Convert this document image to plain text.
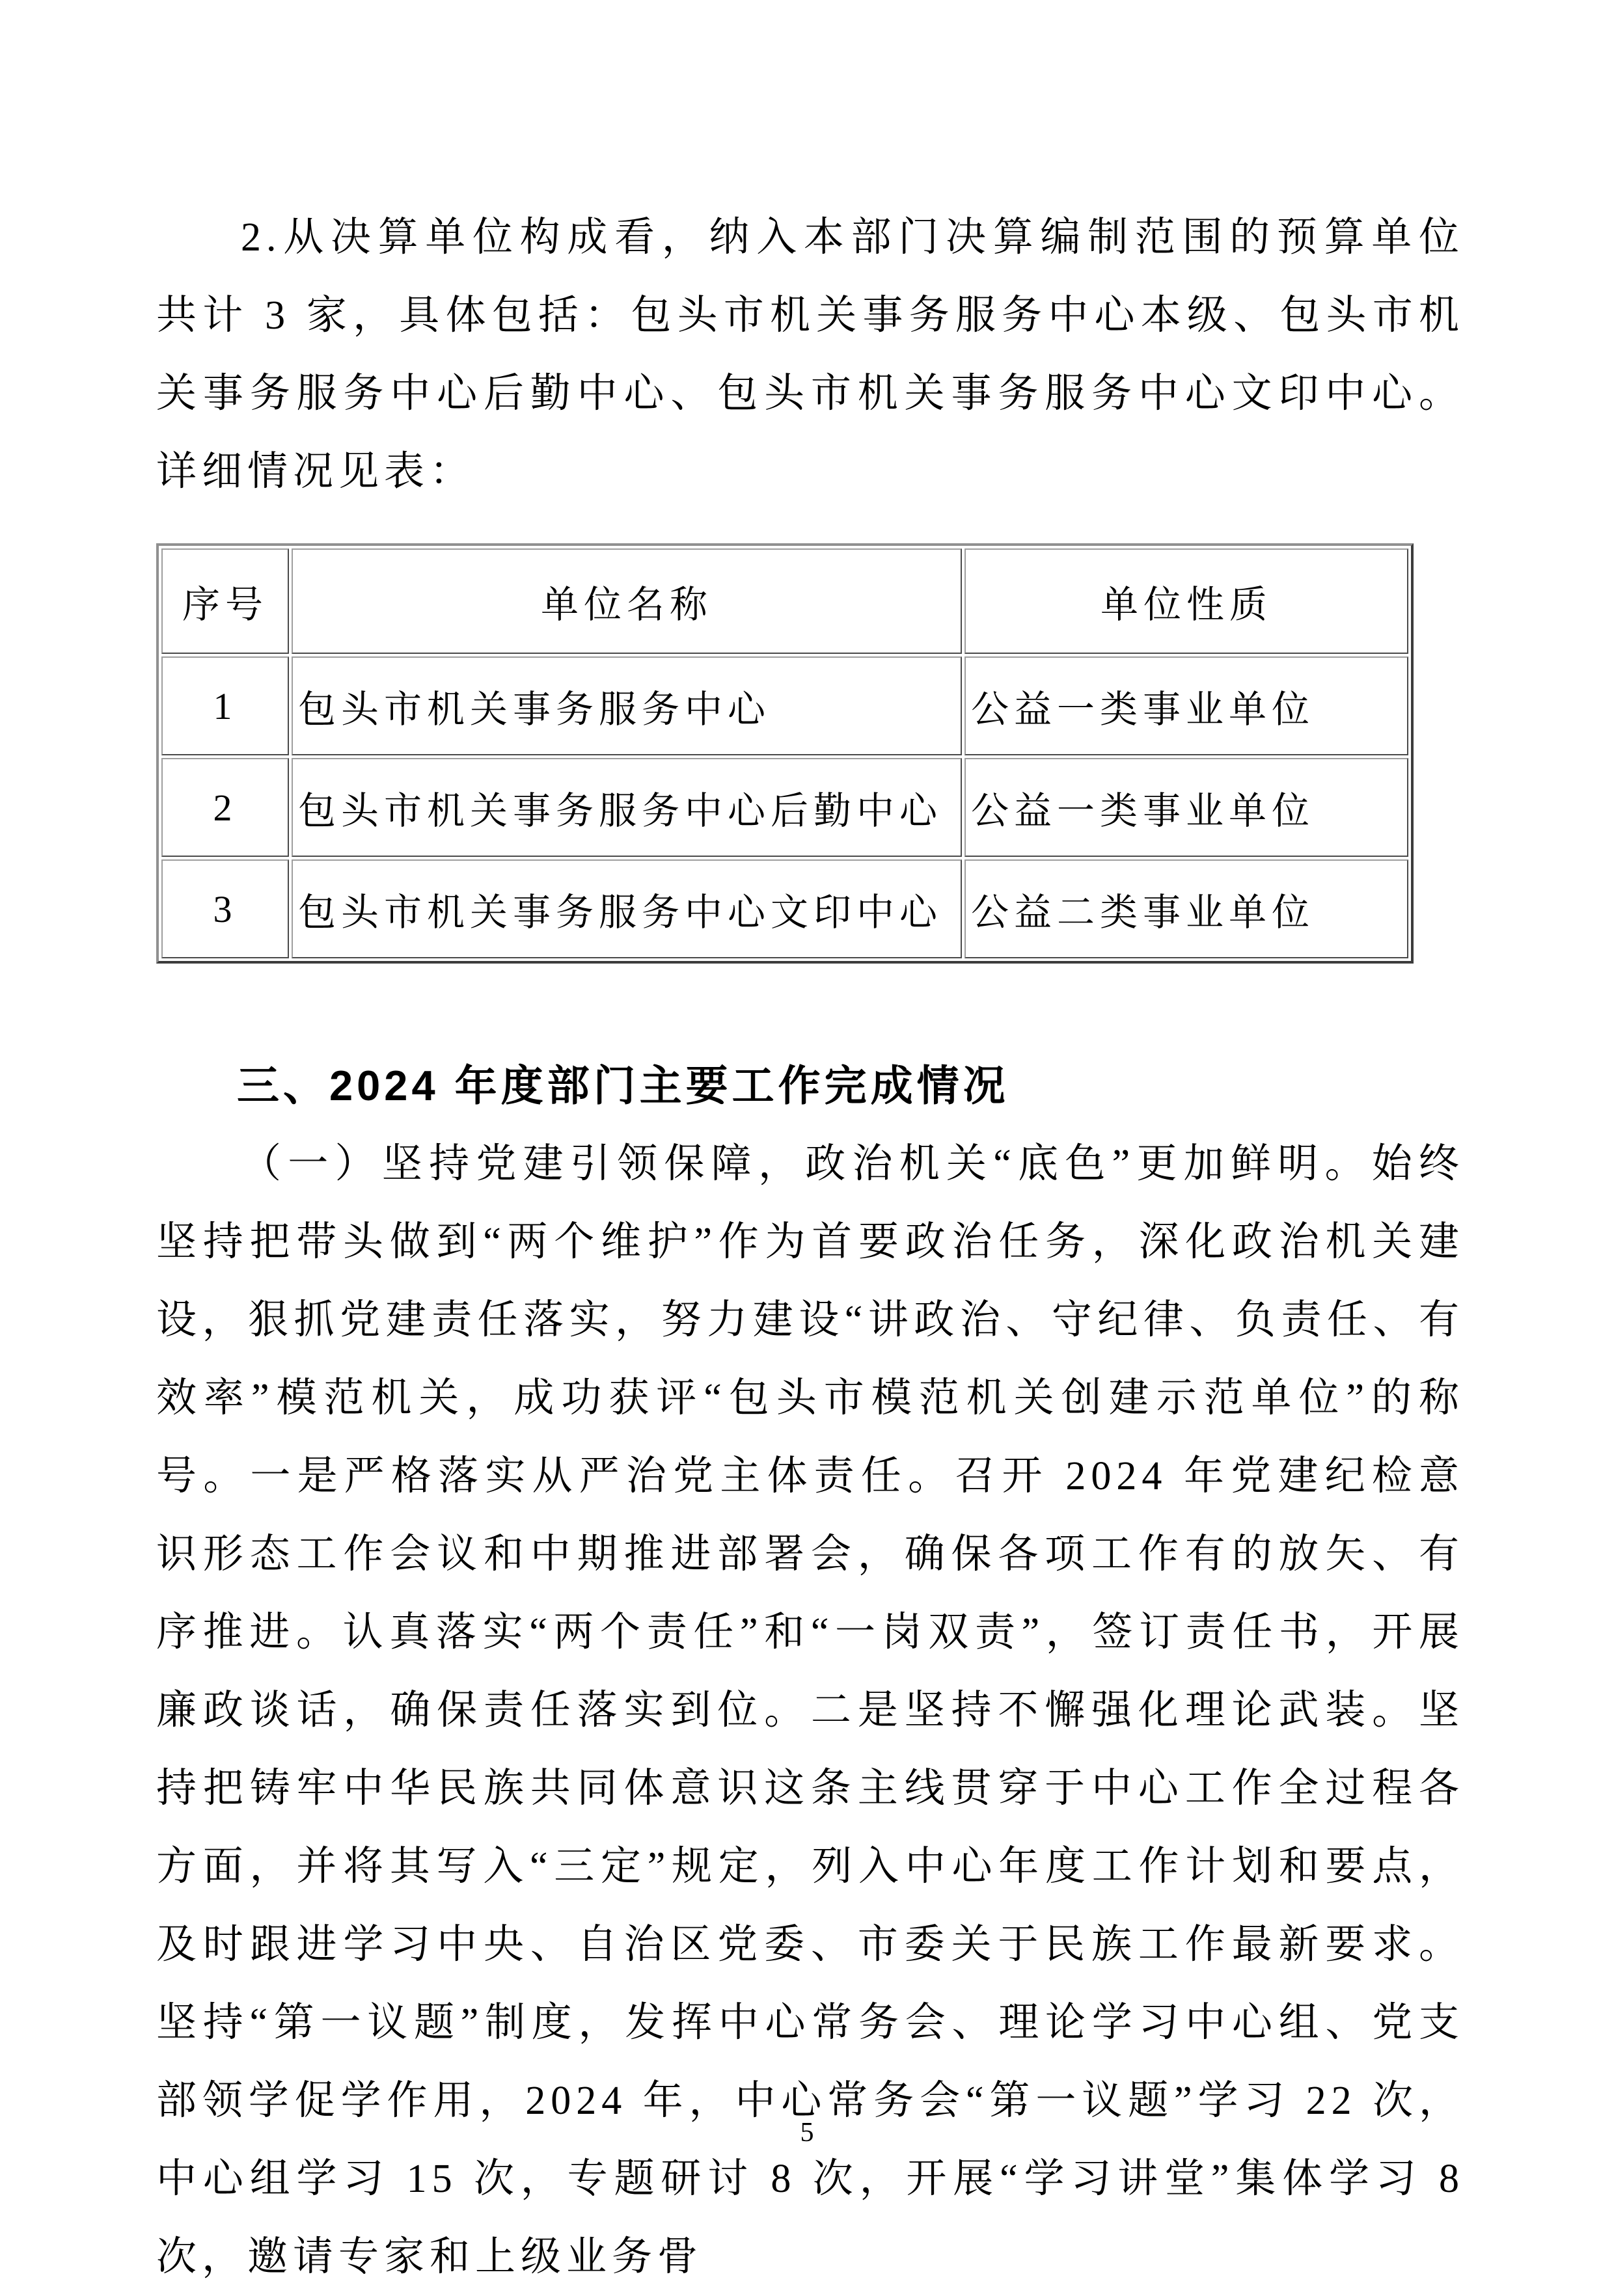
2.从决算单位构成看，纳入本部门决算编制范围的预算单位共计 3 家，具体包括：包头市机关事务服务中心本级、包头市机关事务服务中心后勤中心、包头市机关事务服务中心文印中心。详细情况见表：

序号	单位名称	单位性质
1	包头市机关事务服务中心	公益一类事业单位
2	包头市机关事务服务中心后勤中心	公益一类事业单位
3	包头市机关事务服务中心文印中心	公益二类事业单位
三、2024 年度部门主要工作完成情况

（一）坚持党建引领保障，政治机关“底色”更加鲜明。始终坚持把带头做到“两个维护”作为首要政治任务，深化政治机关建设，狠抓党建责任落实，努力建设“讲政治、守纪律、负责任、有效率”模范机关，成功获评“包头市模范机关创建示范单位”的称号。一是严格落实从严治党主体责任。召开 2024 年党建纪检意识形态工作会议和中期推进部署会，确保各项工作有的放矢、有序推进。认真落实“两个责任”和“一岗双责”，签订责任书，开展廉政谈话，确保责任落实到位。二是坚持不懈强化理论武装。坚持把铸牢中华民族共同体意识这条主线贯穿于中心工作全过程各方面，并将其写入“三定”规定，列入中心年度工作计划和要点，及时跟进学习中央、自治区党委、市委关于民族工作最新要求。坚持“第一议题”制度，发挥中心常务会、理论学习中心组、党支部领学促学作用，2024 年，中心常务会“第一议题”学习 22 次，中心组学习 15 次，专题研讨 8 次，开展“学习讲堂”集体学习 8 次，邀请专家和上级业务骨

5
